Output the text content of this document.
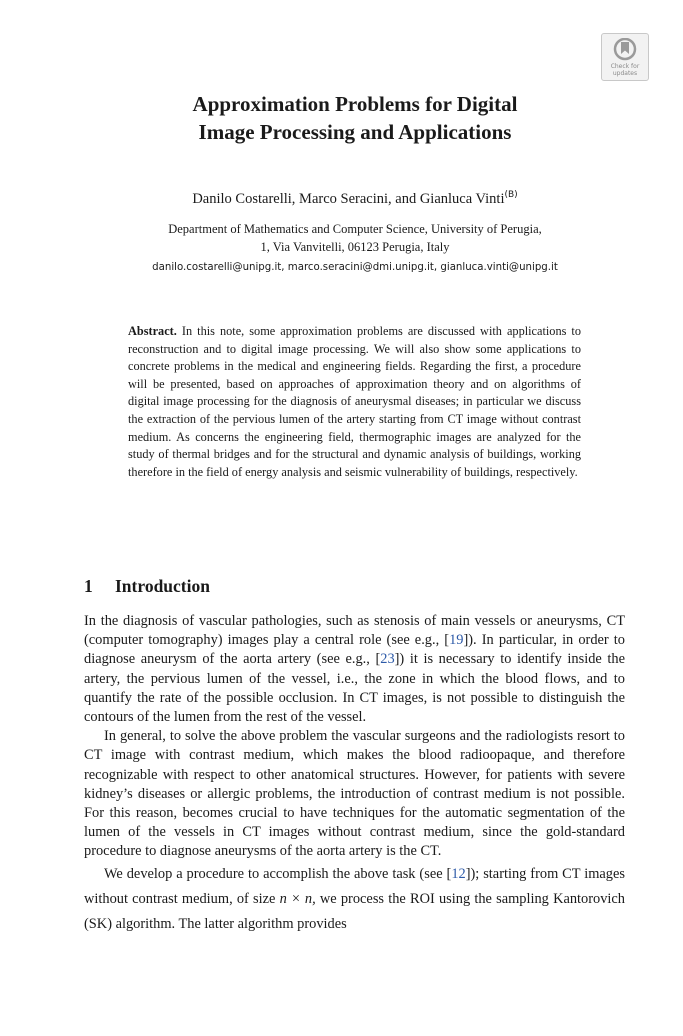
Check for
updates
Approximation Problems for Digital
Image Processing and Applications
Danilo Costarelli, Marco Seracini, and Gianluca Vinti$^{(B)}$
Department of Mathematics and Computer Science, University of Perugia,
1, Via Vanvitelli, 06123 Perugia, Italy
danilo.costarelli@unipg.it, marco.seracini@dmi.unipg.it, gianluca.vinti@unipg.it

Abstract. In this note, some approximation problems are discussed with applications to reconstruction and to digital image processing. We will also show some applications to concrete problems in the medical and engineering fields. Regarding the first, a procedure will be presented, based on approaches of approximation theory and on algorithms of digital image processing for the diagnosis of aneurysmal diseases; in particular we discuss the extraction of the pervious lumen of the artery starting from CT image without contrast medium. As concerns the engineering field, thermographic images are analyzed for the study of thermal bridges and for the structural and dynamic analysis of buildings, working therefore in the field of energy analysis and seismic vulnerability of buildings, respectively.

1 Introduction

In the diagnosis of vascular pathologies, such as stenosis of main vessels or aneurysms, CT (computer tomography) images play a central role (see e.g., [19]). In particular, in order to diagnose aneurysm of the aorta artery (see e.g., [23]) it is necessary to identify inside the artery, the pervious lumen of the vessel, i.e., the zone in which the blood flows, and to quantify the rate of the possible occlusion. In CT images, is not possible to distinguish the contours of the lumen from the rest of the vessel.

In general, to solve the above problem the vascular surgeons and the radiologists resort to CT image with contrast medium, which makes the blood radioopaque, and therefore recognizable with respect to other anatomical structures. However, for patients with severe kidney’s diseases or allergic problems, the introduction of contrast medium is not possible. For this reason, becomes crucial to have techniques for the automatic segmentation of the lumen of the vessels in CT images without contrast medium, since the gold-standard procedure to diagnose aneurysms of the aorta artery is the CT.

We develop a procedure to accomplish the above task (see [12]); starting from CT images without contrast medium, of size n × n, we process the ROI using the sampling Kantorovich (SK) algorithm. The latter algorithm provides
